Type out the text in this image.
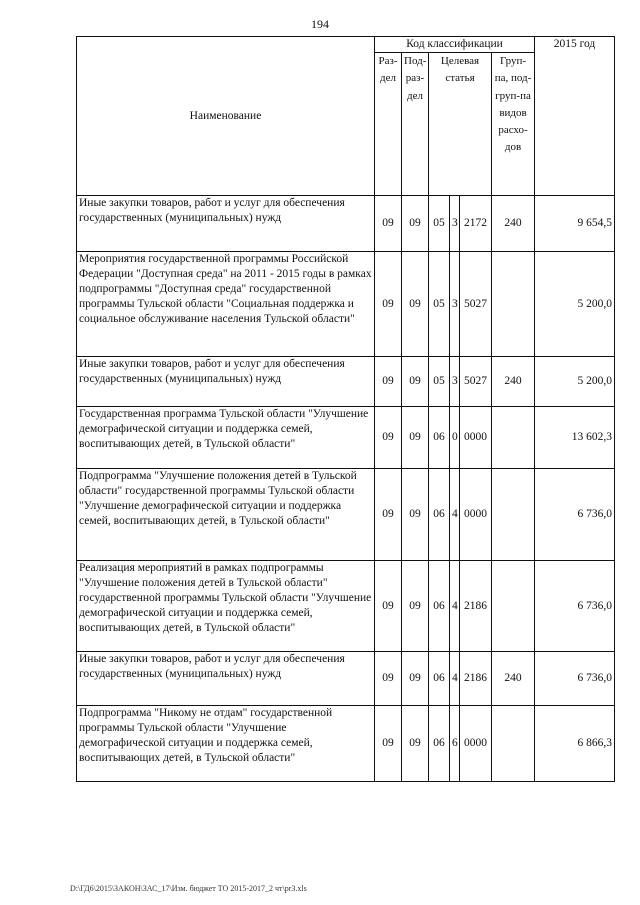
194
Наименование	Код классификации						2015 год
	Раз-дел	Под-раз-дел	Целевая статья			Груп-па, под-груп-па видов расхо-дов	
Иные закупки товаров, работ и услуг для обеспечения государственных (муниципальных) нужд	09	09	05	3	2172	240	9 654,5
Мероприятия государственной программы Российской Федерации "Доступная среда" на 2011 - 2015 годы в рамках подпрограммы "Доступная среда" государственной программы Тульской области "Социальная поддержка и социальное обслуживание населения Тульской области"	09	09	05	3	5027		5 200,0
Иные закупки товаров, работ и услуг для обеспечения государственных (муниципальных) нужд	09	09	05	3	5027	240	5 200,0
Государственная программа Тульской области "Улучшение демографической ситуации и поддержка семей, воспитывающих детей, в Тульской области"	09	09	06	0	0000		13 602,3
Подпрограмма "Улучшение положения детей в Тульской области" государственной программы Тульской области "Улучшение демографической ситуации и поддержка семей, воспитывающих детей, в Тульской области"	09	09	06	4	0000		6 736,0
Реализация мероприятий в рамках подпрограммы "Улучшение положения детей в Тульской области" государственной программы Тульской области "Улучшение демографической ситуации и поддержка семей, воспитывающих детей, в Тульской области"	09	09	06	4	2186		6 736,0
Иные закупки товаров, работ и услуг для обеспечения государственных (муниципальных) нужд	09	09	06	4	2186	240	6 736,0
Подпрограмма "Никому не отдам" государственной программы Тульской области "Улучшение демографической ситуации и поддержка семей, воспитывающих детей, в Тульской области"	09	09	06	6	0000		6 866,3
D:\ГД6\2015\ЗАКОН\ЗАС_17\Изм. бюджет ТО 2015-2017_2 чт\pr3.xls
